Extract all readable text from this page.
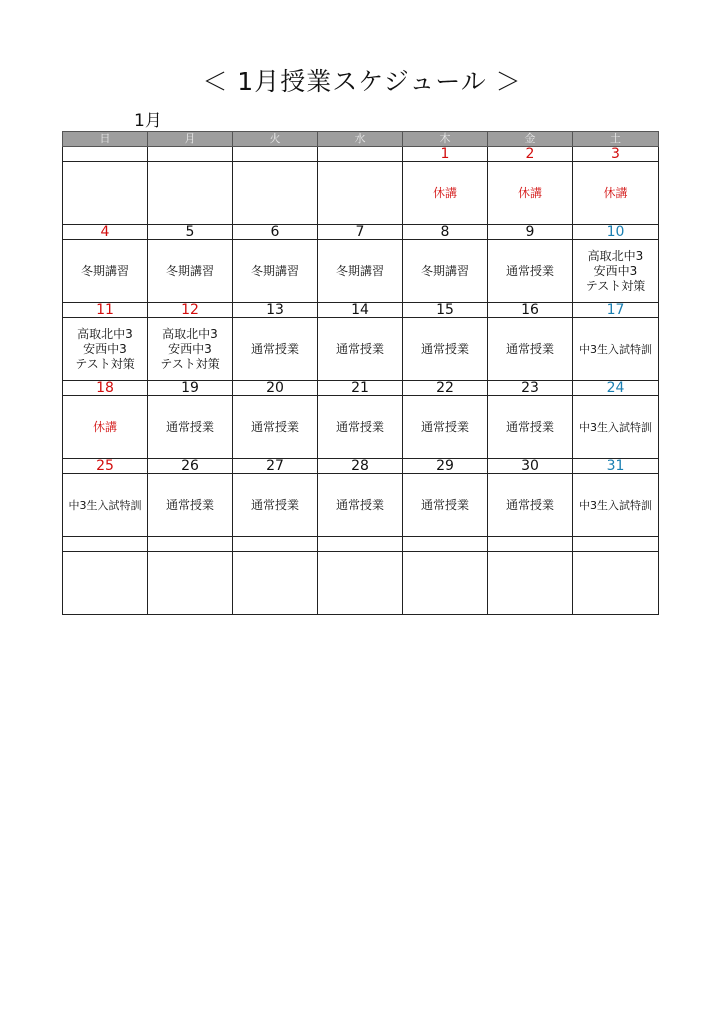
＜ 1月授業スケジュール ＞
1月
日	月	火	水	木	金	土
				1	2	3
				休講	休講	休講
4	5	6	7	8	9	10
冬期講習	冬期講習	冬期講習	冬期講習	冬期講習	通常授業	高取北中3
安西中3
テスト対策
11	12	13	14	15	16	17
高取北中3
安西中3
テスト対策	高取北中3
安西中3
テスト対策	通常授業	通常授業	通常授業	通常授業	中3生入試特訓
18	19	20	21	22	23	24
休講	通常授業	通常授業	通常授業	通常授業	通常授業	中3生入試特訓
25	26	27	28	29	30	31
中3生入試特訓	通常授業	通常授業	通常授業	通常授業	通常授業	中3生入試特訓
